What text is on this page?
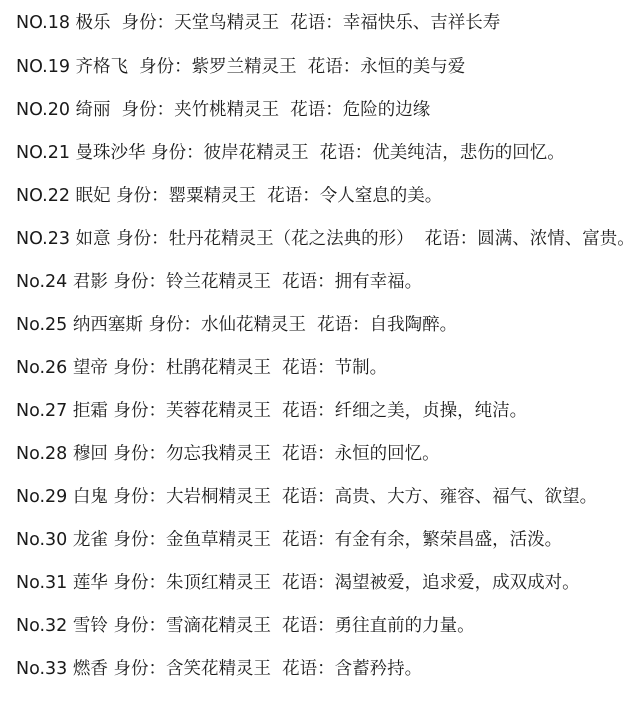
NO.18 极乐  身份：天堂鸟精灵王  花语：幸福快乐、吉祥长寿
NO.19 齐格飞  身份：紫罗兰精灵王  花语：永恒的美与爱
NO.20 绮丽  身份：夹竹桃精灵王  花语：危险的边缘
NO.21 曼珠沙华 身份：彼岸花精灵王  花语：优美纯洁，悲伤的回忆。
NO.22 眠妃 身份：罂粟精灵王  花语：令人窒息的美。
NO.23 如意 身份：牡丹花精灵王（花之法典的形）  花语：圆满、浓情、富贵。
No.24 君影 身份：铃兰花精灵王  花语：拥有幸福。
No.25 纳西塞斯 身份：水仙花精灵王  花语：自我陶醉。
No.26 望帝 身份：杜鹃花精灵王  花语：节制。
No.27 拒霜 身份：芙蓉花精灵王  花语：纤细之美，贞操，纯洁。
No.28 穆回 身份：勿忘我精灵王  花语：永恒的回忆。
No.29 白鬼 身份：大岩桐精灵王  花语：高贵、大方、雍容、福气、欲望。
No.30 龙雀 身份：金鱼草精灵王  花语：有金有余，繁荣昌盛，活泼。
No.31 莲华 身份：朱顶红精灵王  花语：渴望被爱，追求爱，成双成对。
No.32 雪铃 身份：雪滴花精灵王  花语：勇往直前的力量。
No.33 燃香 身份：含笑花精灵王  花语：含蓄矜持。
